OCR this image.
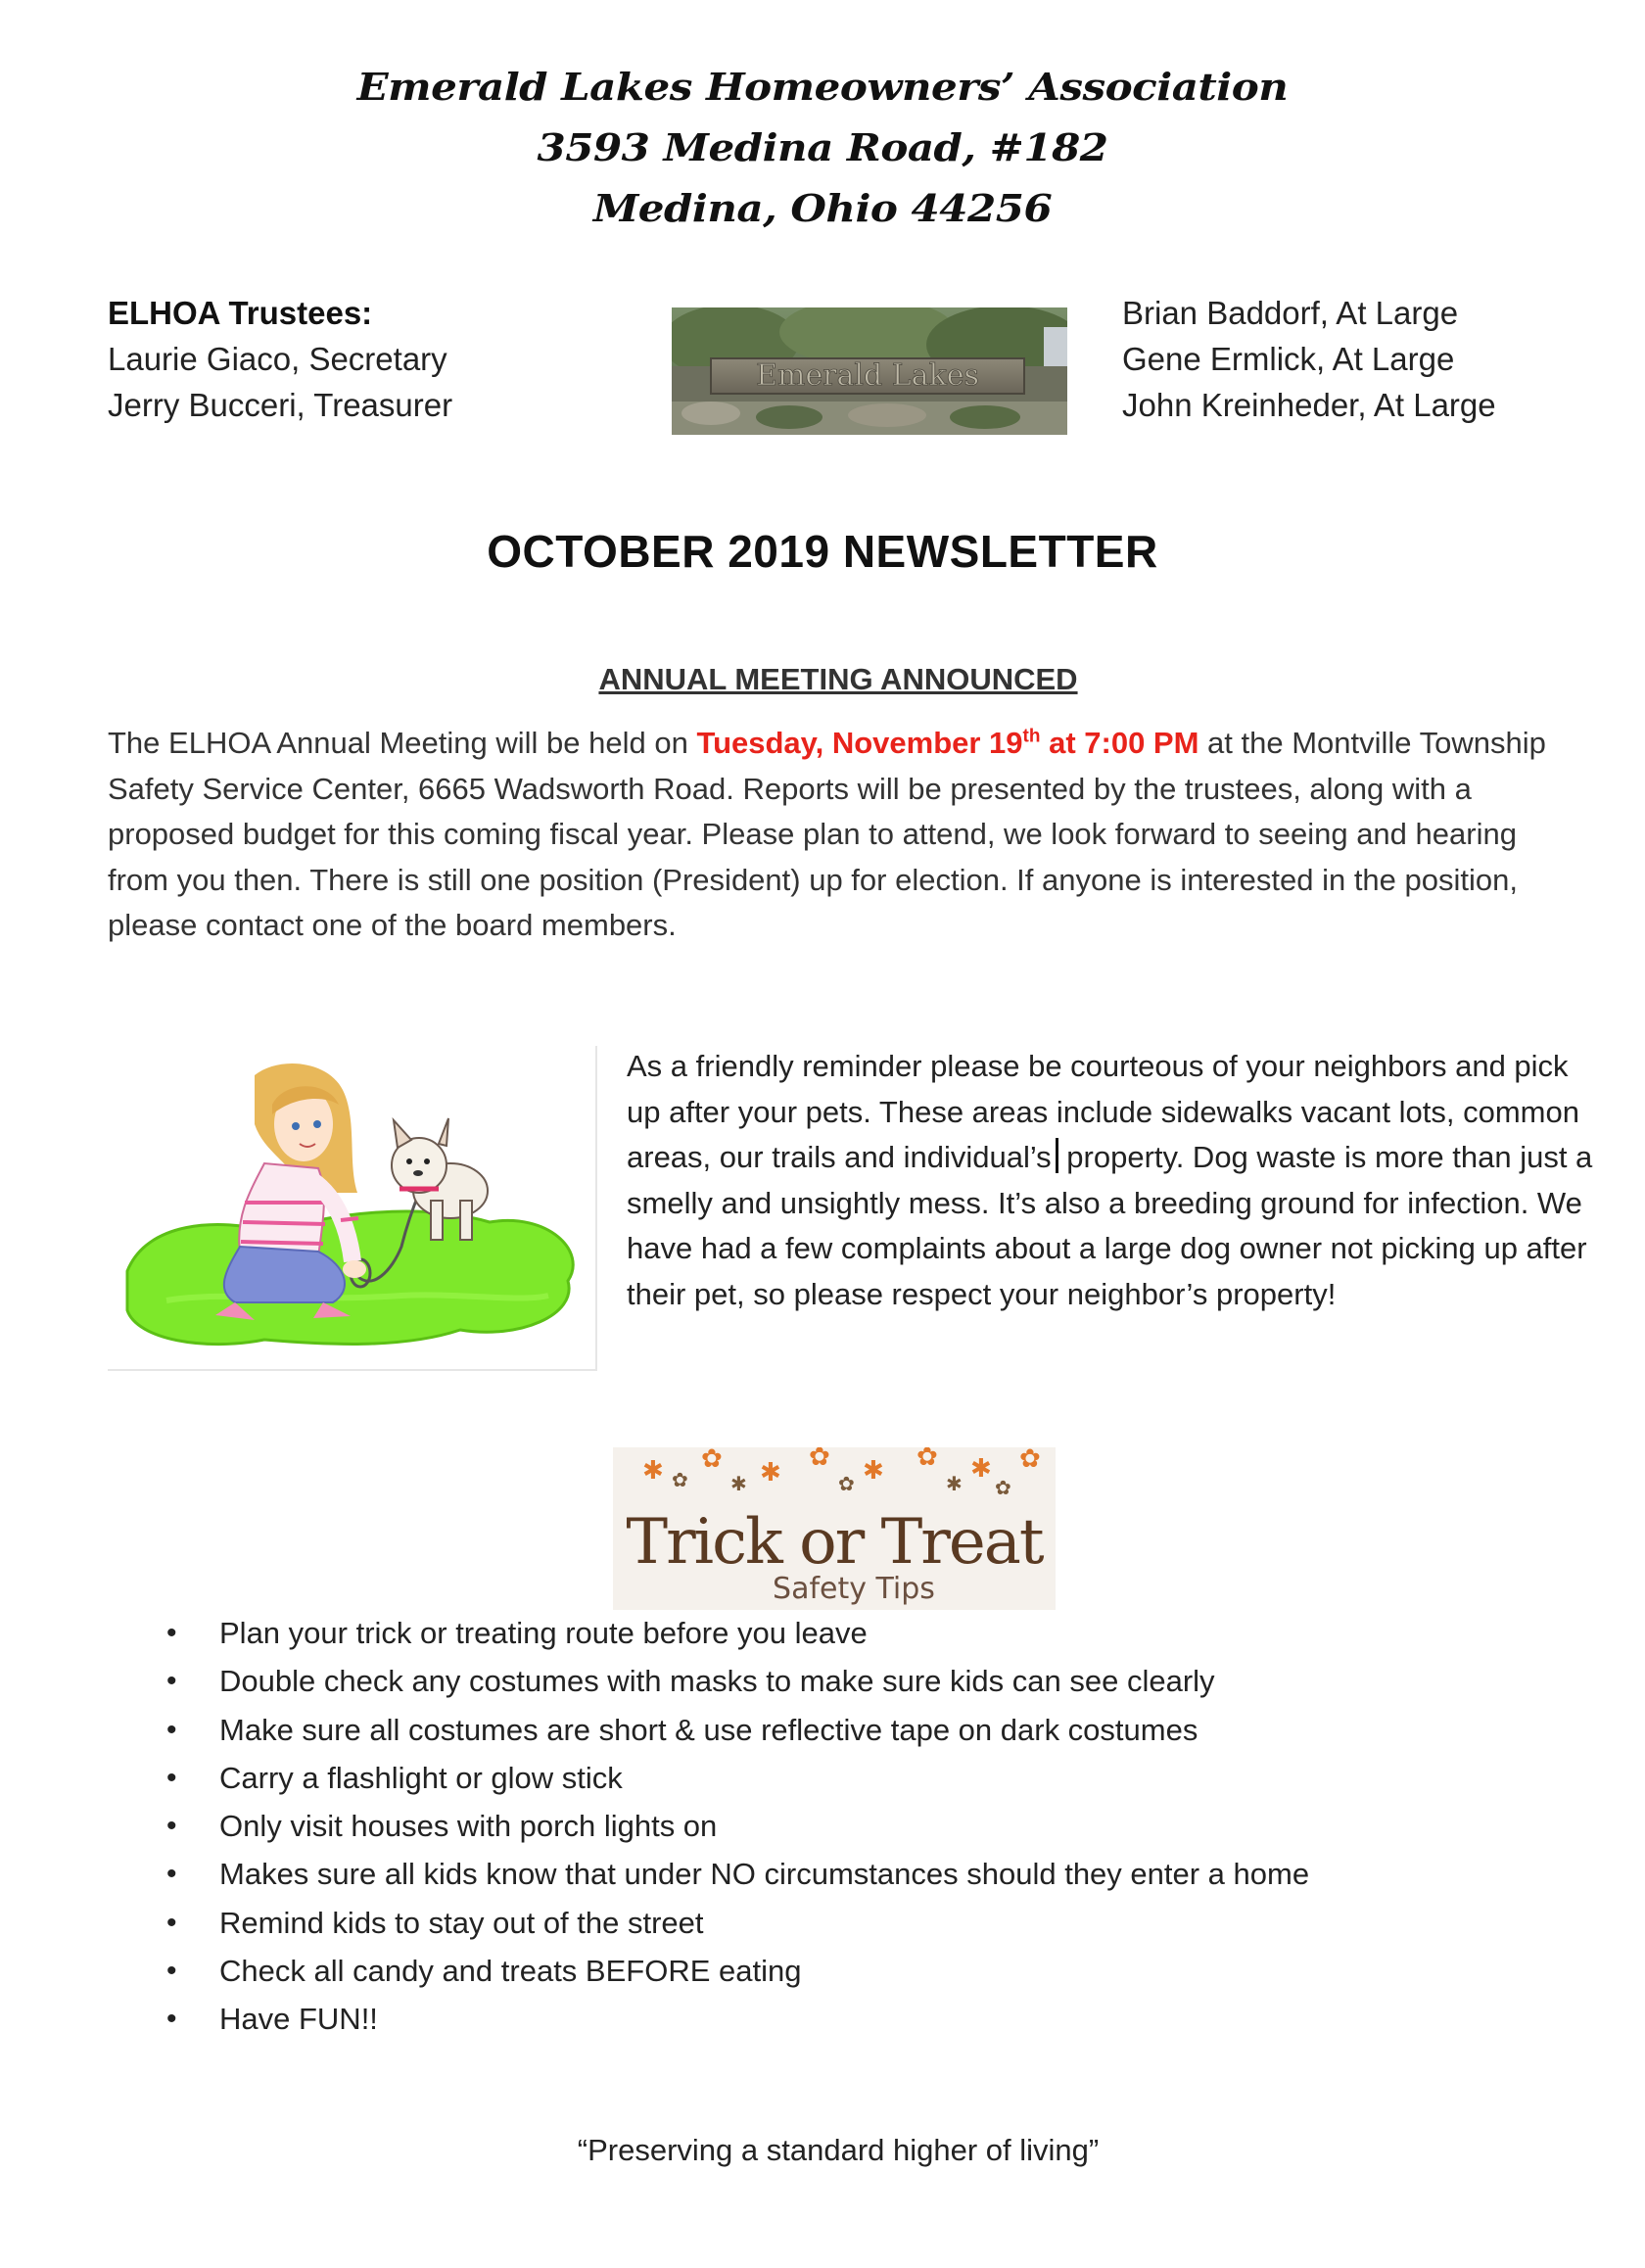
Emerald Lakes Homeowners’ Association
3593 Medina Road, #182
Medina, Ohio 44256
ELHOA Trustees:
Laurie Giaco, Secretary
Jerry Bucceri, Treasurer
Emerald Lakes
Brian Baddorf, At Large
Gene Ermlick, At Large
John Kreinheder, At Large
OCTOBER 2019 NEWSLETTER
ANNUAL MEETING ANNOUNCED
The ELHOA Annual Meeting will be held on Tuesday, November 19th at 7:00 PM at the Montville Township Safety Service Center, 6665 Wadsworth Road. Reports will be presented by the trustees, along with a proposed budget for this coming fiscal year. Please plan to attend, we look forward to seeing and hearing from you then. There is still one position (President) up for election. If anyone is interested in the position, please contact one of the board members.
As a friendly reminder please be courteous of your neighbors and pick up after your pets. These areas include sidewalks vacant lots, common areas, our trails and individual’s property. Dog waste is more than just a smelly and unsightly mess. It’s also a breeding ground for infection. We have had a few complaints about a large dog owner not picking up after their pet, so please respect your neighbor’s property!
✱ ✿ ✱
✿ ✱ ✿ ✱ ✿
✿ ✱	✿	✱ ✿
Trick or Treat
Safety Tips
• Plan your trick or treating route before you leave
• Double check any costumes with masks to make sure kids can see clearly
• Make sure all costumes are short & use reflective tape on dark costumes
• Carry a flashlight or glow stick
• Only visit houses with porch lights on
• Makes sure all kids know that under NO circumstances should they enter a home
• Remind kids to stay out of the street
• Check all candy and treats BEFORE eating
• Have FUN!!
“Preserving a standard higher of living”
